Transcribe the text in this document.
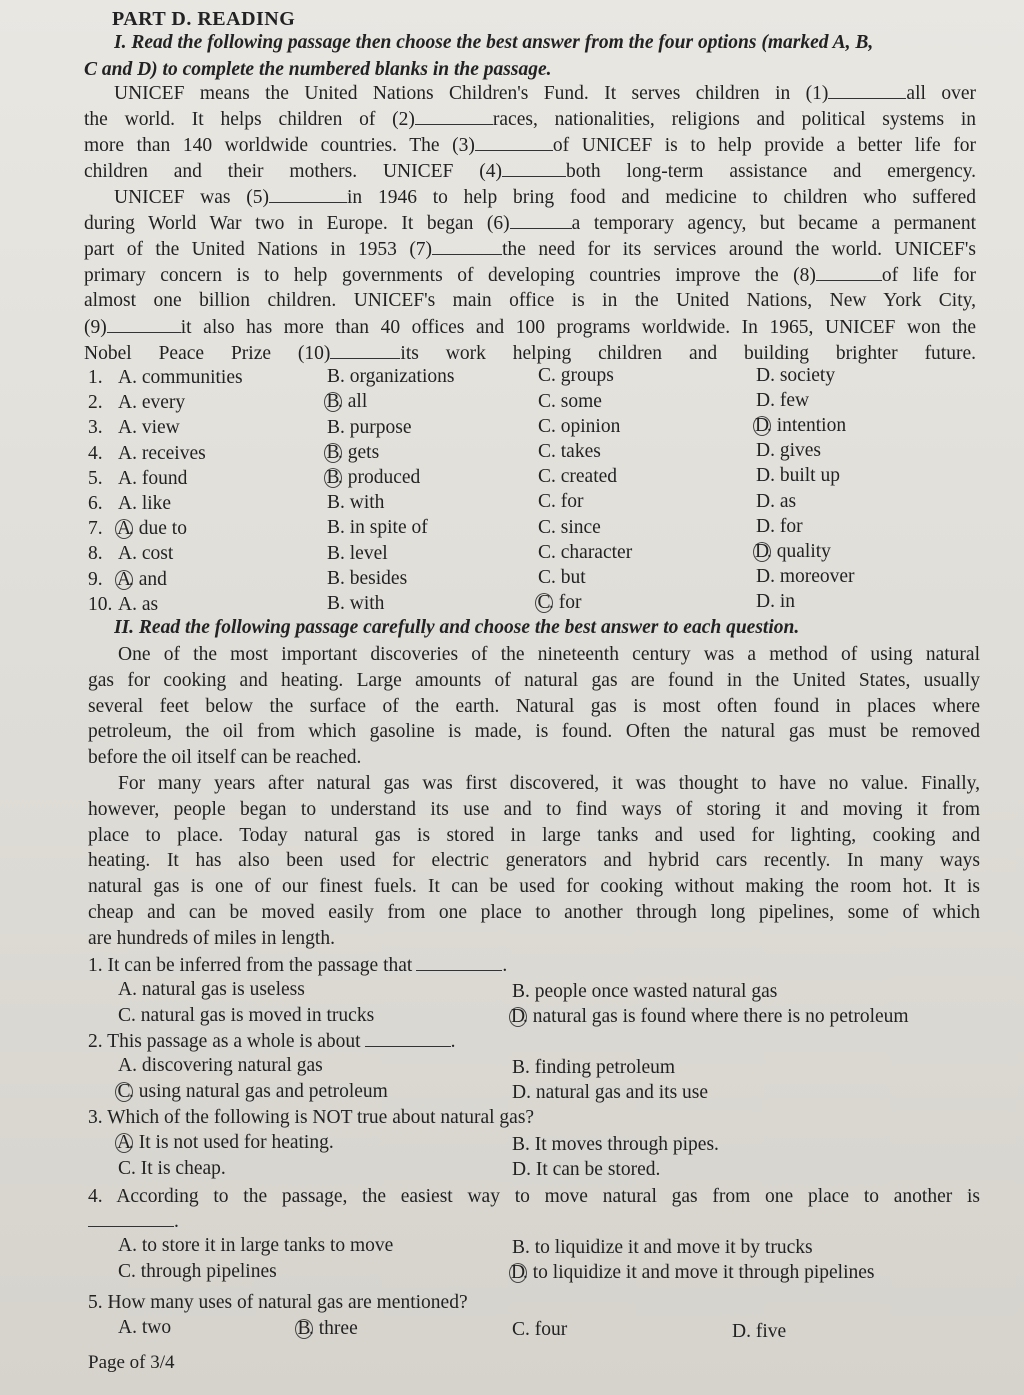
PART D. READING
I. Read the following passage then choose the best answer from the four options (marked A, B,
C and D) to complete the numbered blanks in the passage.
UNICEF means the United Nations Children's Fund. It serves children in (1)	all over
the world. It helps children of (2)	races, nationalities, religions and political systems in
more than 140 worldwide countries. The (3)	of UNICEF is to help provide a better life for
children and their mothers. UNICEF (4)	both long-term assistance and emergency.
UNICEF was (5)	in 1946 to help bring food and medicine to children who suffered
during World War two in Europe. It began (6)	a temporary agency, but became a permanent
part of the United Nations in 1953 (7)	the need for its services around the world. UNICEF's
primary concern is to help governments of developing countries improve the (8)	of life for
almost one billion children. UNICEF's main office is in the United Nations, New York City,
(9)	it also has more than 40 offices and 100 programs worldwide. In 1965, UNICEF won the
Nobel Peace Prize (10)	its work helping children and building brighter future.
1. A. communities	B. organizations	C. groups	D. society
2. A. every	B. all	C. some	D. few
3. A. view	B. purpose	C. opinion	D. intention
4. A. receives	B. gets	C. takes	D. gives
5. A. found	B. produced	C. created	D. built up
6. A. like	B. with	C. for	D. as
7. A. due to	B. in spite of	C. since	D. for
8. A. cost	B. level	C. character	D. quality
9. A. and	B. besides	C. but	D. moreover
10. A. as	B. with	C. for	D. in
II. Read the following passage carefully and choose the best answer to each question.
One of the most important discoveries of the nineteenth century was a method of using natural
gas for cooking and heating. Large amounts of natural gas are found in the United States, usually
several feet below the surface of the earth. Natural gas is most often found in places where
petroleum, the oil from which gasoline is made, is found. Often the natural gas must be removed
before the oil itself can be reached.
For many years after natural gas was first discovered, it was thought to have no value. Finally,
however, people began to understand its use and to find ways of storing it and moving it from
place to place. Today natural gas is stored in large tanks and used for lighting, cooking and
heating. It has also been used for electric generators and hybrid cars recently. In many ways
natural gas is one of our finest fuels. It can be used for cooking without making the room hot. It is
cheap and can be moved easily from one place to another through long pipelines, some of which
are hundreds of miles in length.
1. It can be inferred from the passage that	.
A. natural gas is useless	B. people once wasted natural gas
C. natural gas is moved in trucks	D. natural gas is found where there is no petroleum
2. This passage as a whole is about	.
A. discovering natural gas	B. finding petroleum
C. using natural gas and petroleum	D. natural gas and its use
3. Which of the following is NOT true about natural gas?
A. It is not used for heating.	B. It moves through pipes.
C. It is cheap.	D. It can be stored.
4. According to the passage, the easiest way to move natural gas from one place to another is
.
A. to store it in large tanks to move	B. to liquidize it and move it by trucks
C. through pipelines	D. to liquidize it and move it through pipelines
5. How many uses of natural gas are mentioned?
A. two	B. three	C. four	D. five
Page of 3/4
